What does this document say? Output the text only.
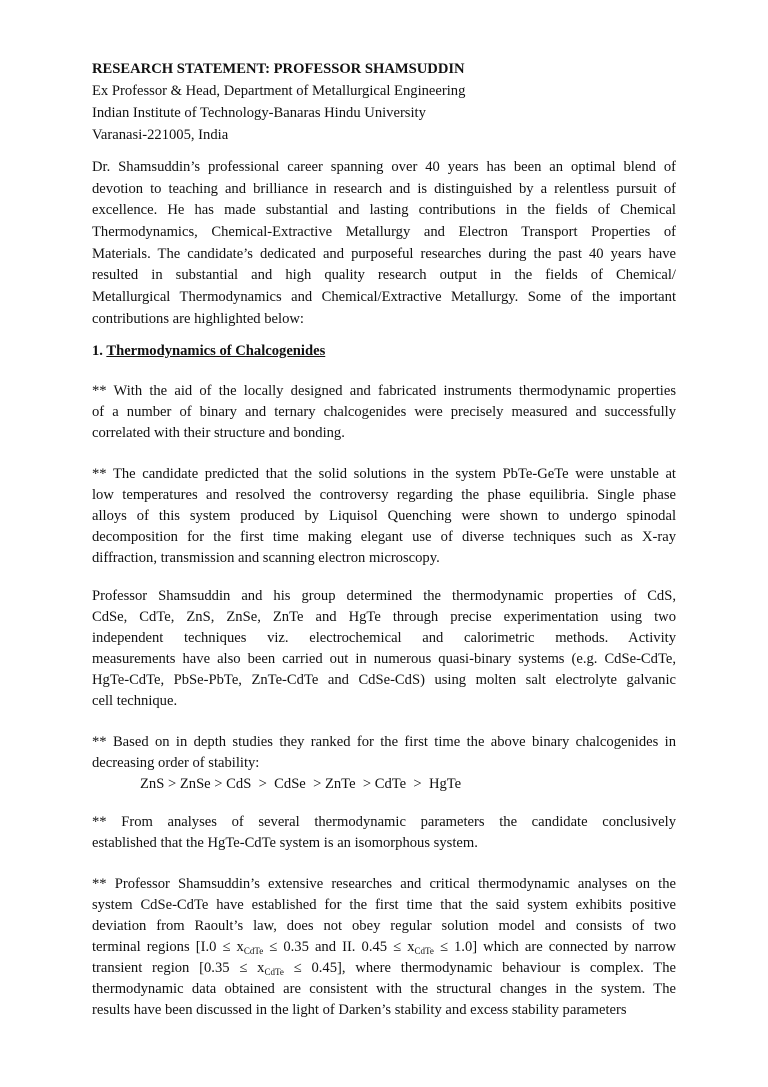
RESEARCH STATEMENT: PROFESSOR SHAMSUDDIN
Ex Professor & Head, Department of Metallurgical Engineering
Indian Institute of Technology-Banaras Hindu University
Varanasi-221005, India
Dr. Shamsuddin’s professional career spanning over 40 years has been an optimal blend of
devotion to teaching and brilliance in research and is distinguished by a relentless pursuit of
excellence. He has made substantial and lasting contributions in the fields of Chemical
Thermodynamics, Chemical-Extractive Metallurgy and Electron Transport Properties of
Materials. The candidate’s dedicated and purposeful researches during the past 40 years have
resulted in substantial and high quality research output in the fields of Chemical/
Metallurgical Thermodynamics and Chemical/Extractive Metallurgy. Some of the important
contributions are highlighted below:
1. Thermodynamics of Chalcogenides
** With the aid of the locally designed and fabricated instruments thermodynamic properties
of a number of binary and ternary chalcogenides were precisely measured and successfully
correlated with their structure and bonding.
** The candidate predicted that the solid solutions in the system PbTe-GeTe were unstable at
low temperatures and resolved the controversy regarding the phase equilibria. Single phase
alloys of this system produced by Liquisol Quenching were shown to undergo spinodal
decomposition for the first time making elegant use of diverse techniques such as X-ray
diffraction, transmission and scanning electron microscopy.
Professor Shamsuddin and his group determined the thermodynamic properties of CdS,
CdSe, CdTe, ZnS, ZnSe, ZnTe and HgTe through precise experimentation using two
independent techniques viz. electrochemical and calorimetric methods. Activity
measurements have also been carried out in numerous quasi-binary systems (e.g. CdSe-CdTe,
HgTe-CdTe, PbSe-PbTe, ZnTe-CdTe and CdSe-CdS) using molten salt electrolyte galvanic
cell technique.
** Based on in depth studies they ranked for the first time the above binary chalcogenides in
decreasing order of stability:
ZnS > ZnSe > CdS  >  CdSe  > ZnTe  > CdTe  >  HgTe
** From analyses of several thermodynamic parameters the candidate conclusively
established that the HgTe-CdTe system is an isomorphous system.
** Professor Shamsuddin’s extensive researches and critical thermodynamic analyses on the
system CdSe-CdTe have established for the first time that the said system exhibits positive
deviation from Raoult’s law, does not obey regular solution model and consists of two
terminal regions [$I.0 \le x_{CdTe} \le 0.35$ and II. $0.45 \le x_{CdTe} \le 1.0$] which are connected by narrow
transient region $[0.35 \le x_{CdTe} \le 0.45]$, where thermodynamic behaviour is complex. The
thermodynamic data obtained are consistent with the structural changes in the system. The
results have been discussed in the light of Darken’s stability and excess stability parameters
